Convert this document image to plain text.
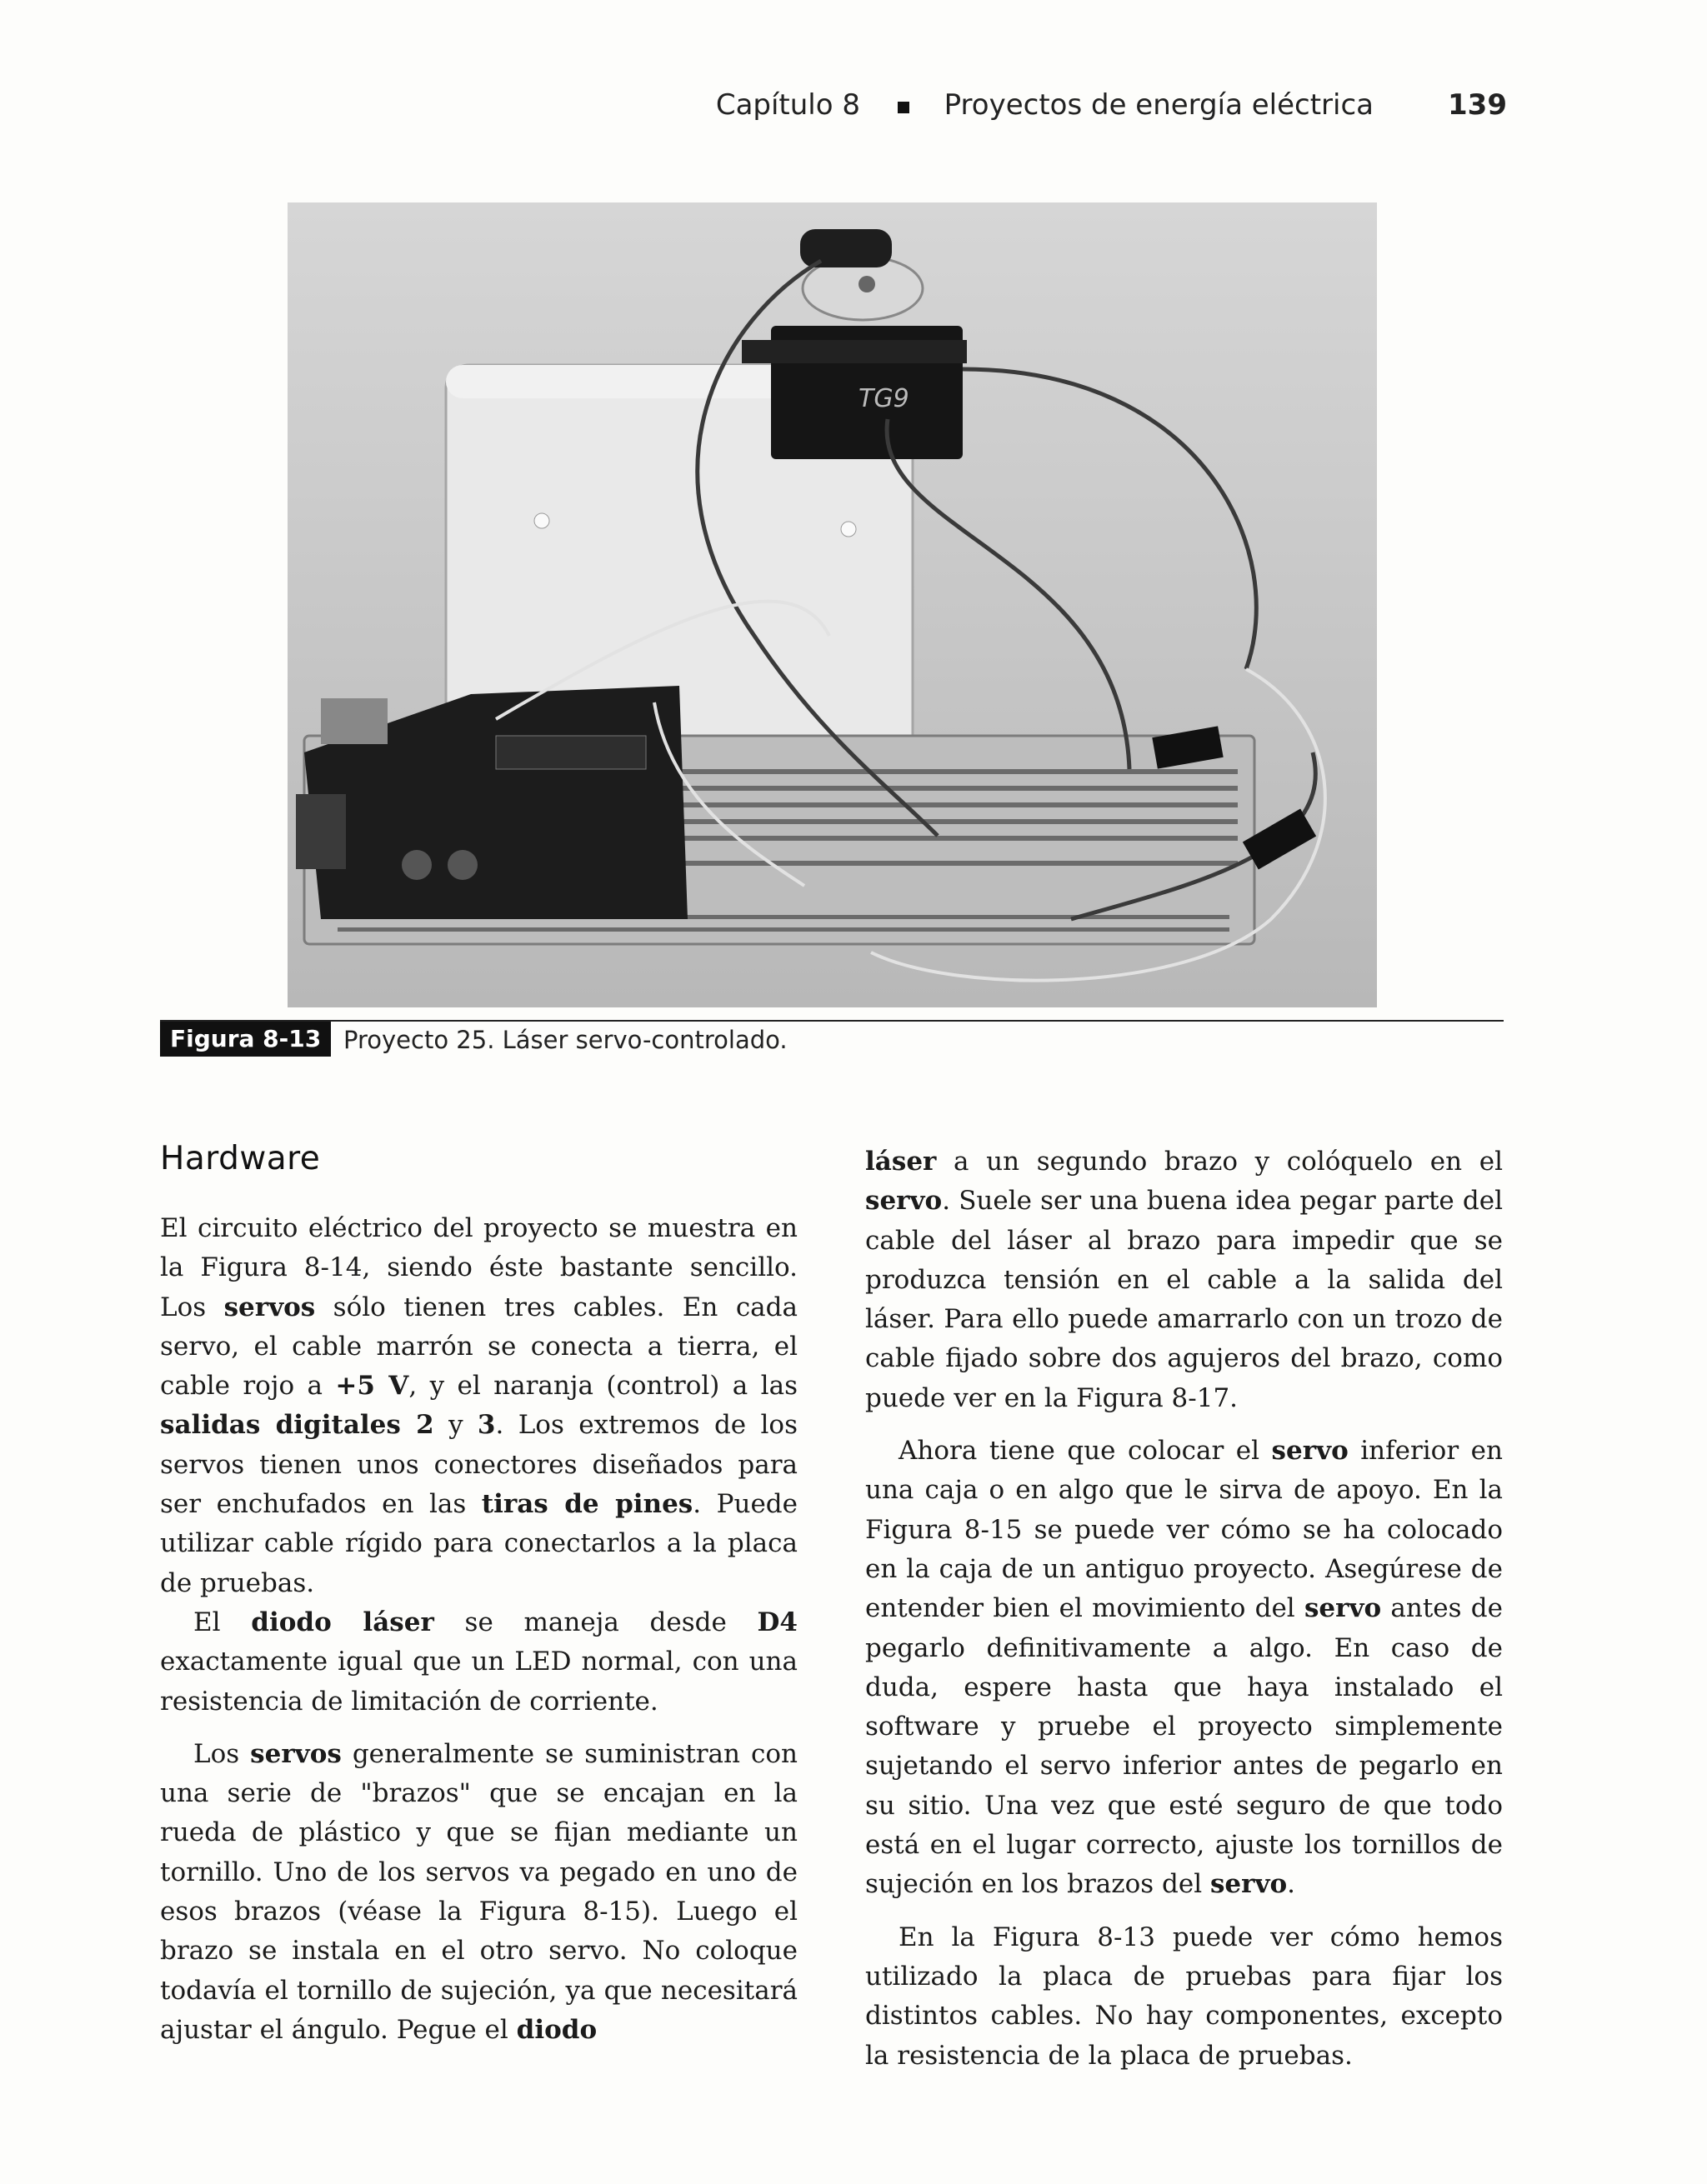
Capítulo 8	Proyectos de energía eléctrica	139
TG9
Figura 8-13 Proyecto 25. Láser servo-controlado.
Hardware

El circuito eléctrico del proyecto se muestra en la Figura 8-14, siendo éste bastante sencillo. Los servos sólo tienen tres cables. En cada servo, el cable marrón se conecta a tierra, el cable rojo a +5 V, y el naranja (control) a las salidas digitales 2 y 3. Los extremos de los servos tienen unos conectores diseñados para ser enchufados en las tiras de pines. Puede utilizar cable rígido para conectarlos a la placa de pruebas.

El diodo láser se maneja desde D4 exactamente igual que un LED normal, con una resistencia de limitación de corriente.

Los servos generalmente se suministran con una serie de "brazos" que se encajan en la rueda de plástico y que se fijan mediante un tornillo. Uno de los servos va pegado en uno de esos brazos (véase la Figura 8-15). Luego el brazo se instala en el otro servo. No coloque todavía el tornillo de sujeción, ya que necesitará ajustar el ángulo. Pegue el diodo

láser a un segundo brazo y colóquelo en el servo. Suele ser una buena idea pegar parte del cable del láser al brazo para impedir que se produzca tensión en el cable a la salida del láser. Para ello puede amarrarlo con un trozo de cable fijado sobre dos agujeros del brazo, como puede ver en la Figura 8-17.

Ahora tiene que colocar el servo inferior en una caja o en algo que le sirva de apoyo. En la Figura 8-15 se puede ver cómo se ha colocado en la caja de un antiguo proyecto. Asegúrese de entender bien el movimiento del servo antes de pegarlo definitivamente a algo. En caso de duda, espere hasta que haya instalado el software y pruebe el proyecto simplemente sujetando el servo inferior antes de pegarlo en su sitio. Una vez que esté seguro de que todo está en el lugar correcto, ajuste los tornillos de sujeción en los brazos del servo.

En la Figura 8-13 puede ver cómo hemos utilizado la placa de pruebas para fijar los distintos cables. No hay componentes, excepto la resistencia de la placa de pruebas.
